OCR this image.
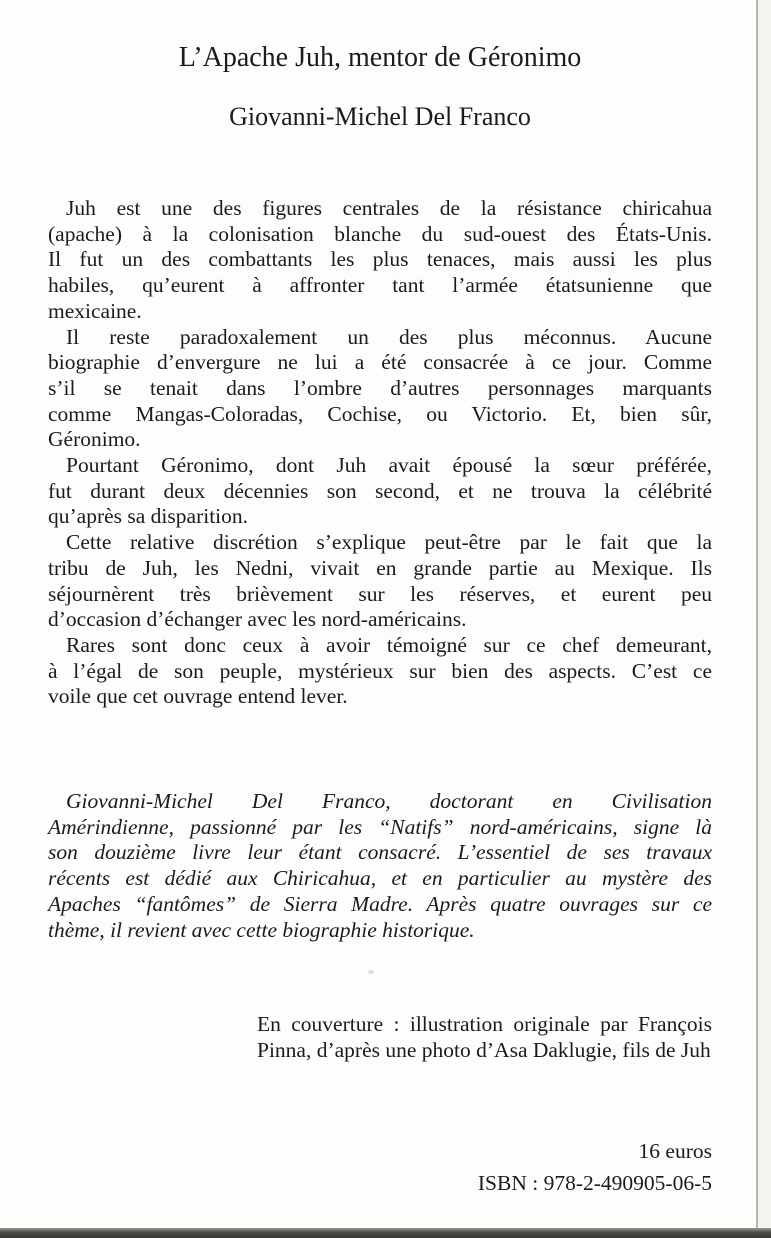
L’Apache Juh, mentor de Géronimo
Giovanni-Michel Del Franco
Juh est une des figures centrales de la résistance chiricahua
(apache) à la colonisation blanche du sud-ouest des États-Unis.
Il fut un des combattants les plus tenaces, mais aussi les plus
habiles, qu’eurent à affronter tant l’armée étatsunienne que
mexicaine.
Il reste paradoxalement un des plus méconnus. Aucune
biographie d’envergure ne lui a été consacrée à ce jour. Comme
s’il se tenait dans l’ombre d’autres personnages marquants
comme Mangas-Coloradas, Cochise, ou Victorio. Et, bien sûr,
Géronimo.
Pourtant Géronimo, dont Juh avait épousé la sœur préférée,
fut durant deux décennies son second, et ne trouva la célébrité
qu’après sa disparition.
Cette relative discrétion s’explique peut-être par le fait que la
tribu de Juh, les Nedni, vivait en grande partie au Mexique. Ils
séjournèrent très brièvement sur les réserves, et eurent peu
d’occasion d’échanger avec les nord-américains.
Rares sont donc ceux à avoir témoigné sur ce chef demeurant,
à l’égal de son peuple, mystérieux sur bien des aspects. C’est ce
voile que cet ouvrage entend lever.
Giovanni-Michel Del Franco, doctorant en Civilisation
Amérindienne, passionné par les “Natifs” nord-américains, signe là
son douzième livre leur étant consacré. L’essentiel de ses travaux
récents est dédié aux Chiricahua, et en particulier au mystère des
Apaches “fantômes” de Sierra Madre. Après quatre ouvrages sur ce
thème, il revient avec cette biographie historique.
En couverture : illustration originale par François
Pinna, d’après une photo d’Asa Daklugie, fils de Juh
16 euros
ISBN : 978-2-490905-06-5
